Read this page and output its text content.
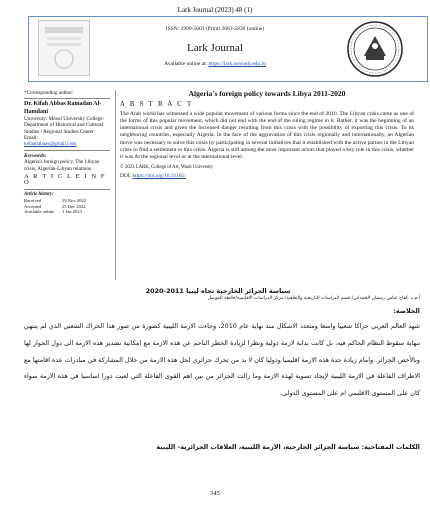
Lark Journal (2023) 48 (1)
ISSN: 1999-5601 (Print) 2663-5836 (online)
Lark Journal
Available online at: https://lark.uowasit.edu.iq
*Corresponding author:
Dr. Kifah Abbas Ramadan Al-Hamdani
University: Mosul University College: Department of Historical and Cultural Studies / Regional Studies Center
Email:
kefaahabaas@gmail.com
Keywords:
Algeria's foreign policy, The Libyan crisis, Algerian-Libyan relations.
A R T I C L E I N F O
Article history:
Received	29 Nov 2022
Accepted	25 Dec 2022
Available online	1 Jan 2023
Algeria's foreign policy towards Libya 2011-2020
A B S T R A C T
The Arab world has witnessed a wide popular movement of various forms since the end of 2010. The Libyan crisis came as one of the forms of this popular movement, which did not end with the end of the ruling regime in it. Rather, it was the beginning of an international crisis and given the increased danger resulting from this crisis with the possibility of exporting this crisis. To its neighboring countries, especially Algeria. In the face of the aggravation of this crisis regionally and internationally, an Algerian move was necessary to solve this crisis by participating in several initiatives that it established with the active parties in the Libyan crisis to find a settlement to this crisis. Algeria is still among the most important actors that played a key role in this crisis, whether it was At the regional level or at the international level.
© 2023 LARK, College of Art, Wasit University
DOI: https://doi.org/10.31185/
سياسة الجزائر الخارجية تجاه ليبيا 2011-2020
أ.م.د. كفاح عباس رمضان الحمداني/ قسم الدراسات التاريخية والثقافية/ مركز الدراسات الاقليمية/جامعة الموصل
الخلاصة:
شهد العالم العربي حراكا شعبيا واسعا ومتعدد الاشكال منذ نهاية عام 2010، وجاءت الازمة الليبية كصورة من صور هذا الحراك الشعبي الذي لم ينتهي بنهاية سقوط النظام الحاكم فيه، بل كانت بداية لازمة دولية ونظرا لزيادة الخطر الناجم عن هذه الازمة مع امكانية تصدير هذه الازمة الى دول الجوار لها وبالأخص الجزائر. وامام زيادة حدة هذه الازمة اقليميا ودوليا كان لا بد من تحرك جزائري لحل هذه الازمة من خلال المشاركة في مبادرات عدة اقامتها مع الاطراف الفاعلة في الازمة الليبية لإيجاد تسوية لهذه الازمة وما زالت الجزائر من بين اهم القوى الفاعلة التي لعبت دورا اساسيا في هذه الازمة سواء كان على المستوى الاقليمي ام على المستوى الدولي.
الكلمات المفتاحية: سياسة الجزائر الخارجية، الازمة الليبية، العلاقات الجزائرية- الليبية
345
